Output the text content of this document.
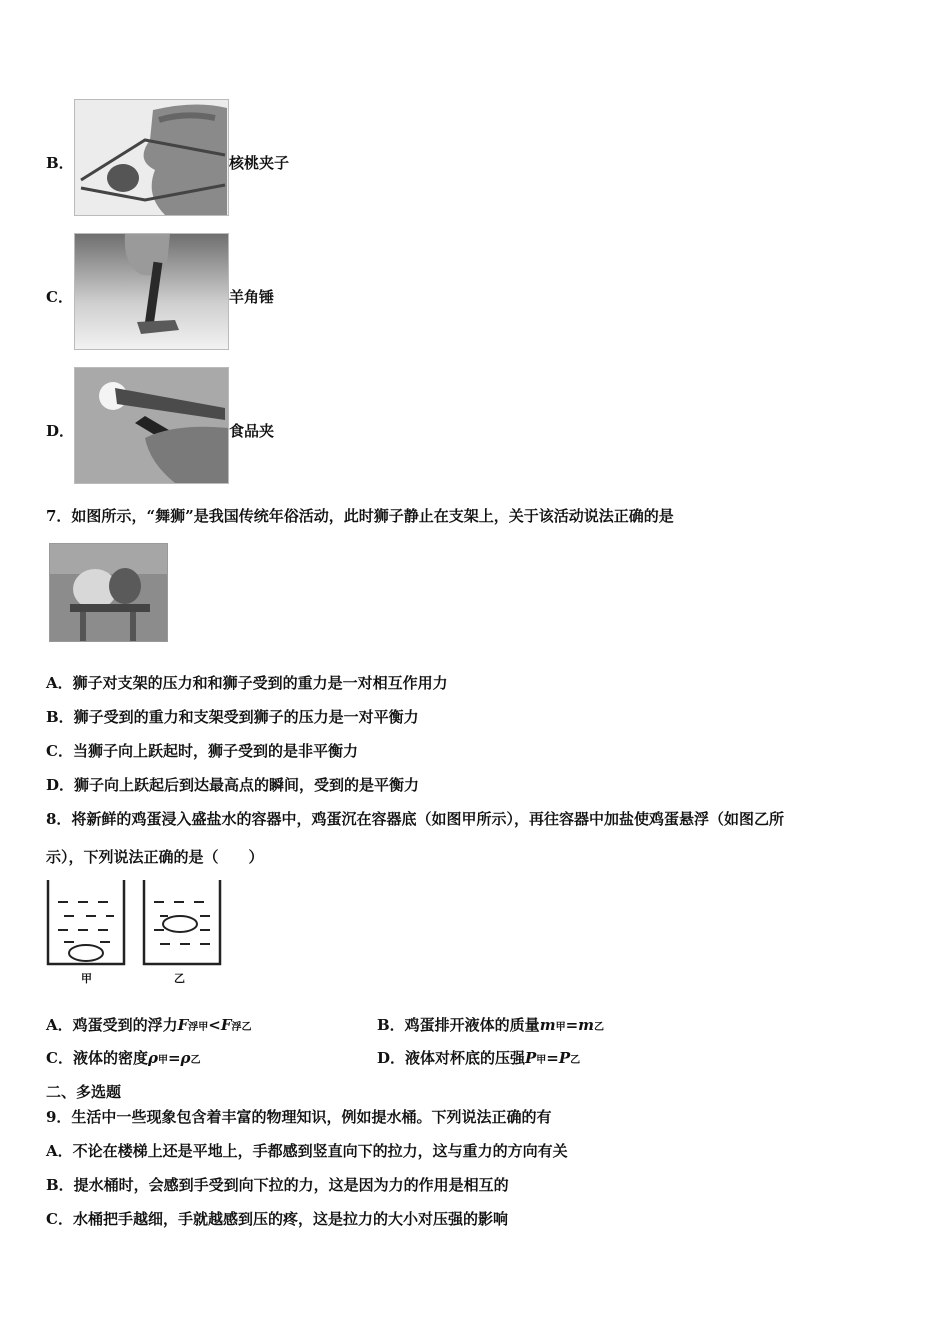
B．	核桃夹子
C．	羊角锤
D．	食品夹
7．如图所示，“舞狮”是我国传统年俗活动，此时狮子静止在支架上，关于该活动说法正确的是
A．狮子对支架的压力和和狮子受到的重力是一对相互作用力
B．狮子受到的重力和支架受到狮子的压力是一对平衡力
C．当狮子向上跃起时，狮子受到的是非平衡力
D．狮子向上跃起后到达最高点的瞬间，受到的是平衡力
8．将新鲜的鸡蛋浸入盛盐水的容器中，鸡蛋沉在容器底（如图甲所示），再往容器中加盐使鸡蛋悬浮（如图乙所
示），下列说法正确的是（　　）
甲	乙
A．鸡蛋受到的浮力F浮甲<F浮乙	B．鸡蛋排开液体的质量m甲=m乙
C．液体的密度ρ甲=ρ乙	D．液体对杯底的压强P甲=P乙
二、多选题
9．生活中一些现象包含着丰富的物理知识，例如提水桶。下列说法正确的有
A．不论在楼梯上还是平地上，手都感到竖直向下的拉力，这与重力的方向有关
B．提水桶时，会感到手受到向下拉的力，这是因为力的作用是相互的
C．水桶把手越细，手就越感到压的疼，这是拉力的大小对压强的影响
